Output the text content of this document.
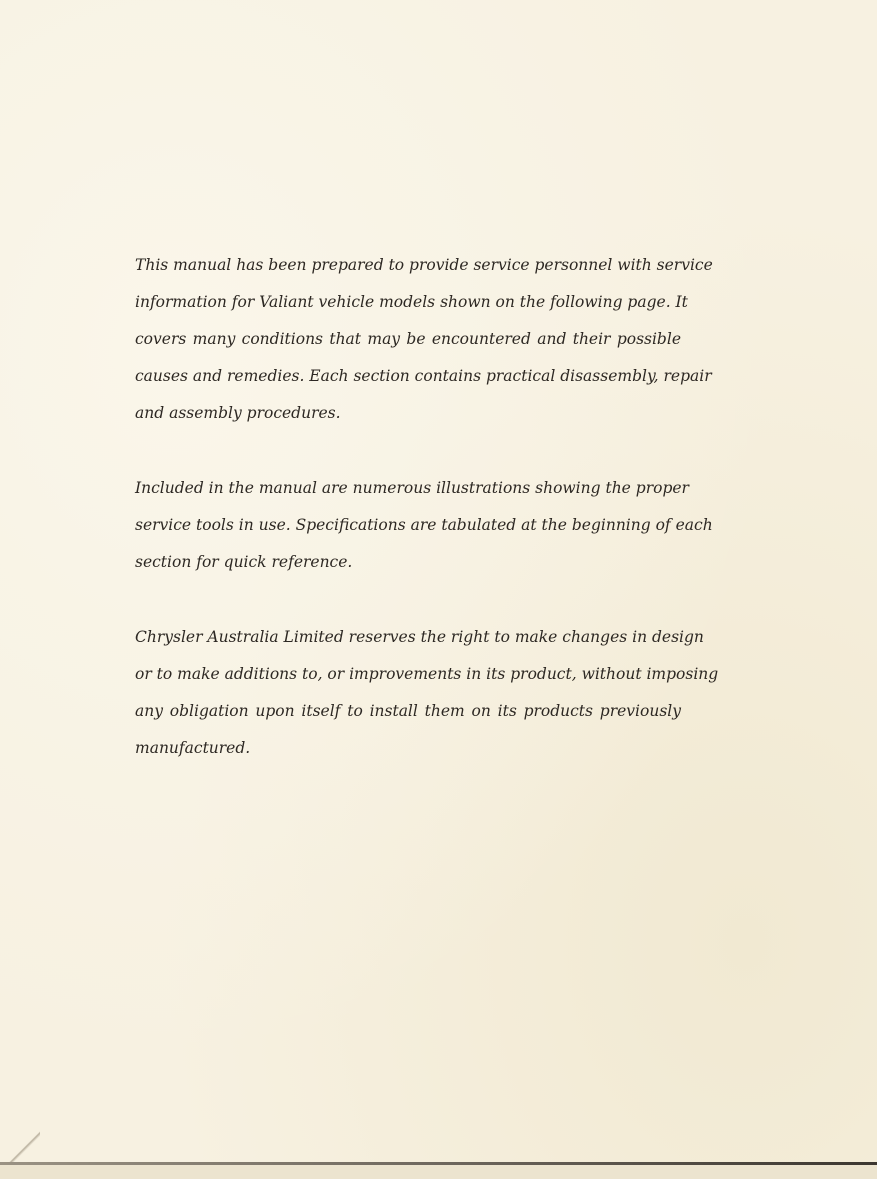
This manual has been prepared to provide service personnel with service
information for Valiant vehicle models shown on the following page. It
covers many conditions that may be encountered and their possible
causes and remedies. Each section contains practical disassembly, repair
and assembly procedures.
Included in the manual are numerous illustrations showing the proper
service tools in use. Specifications are tabulated at the beginning of each
section for quick reference.
Chrysler Australia Limited reserves the right to make changes in design
or to make additions to, or improvements in its product, without imposing
any obligation upon itself to install them on its products previously
manufactured.
